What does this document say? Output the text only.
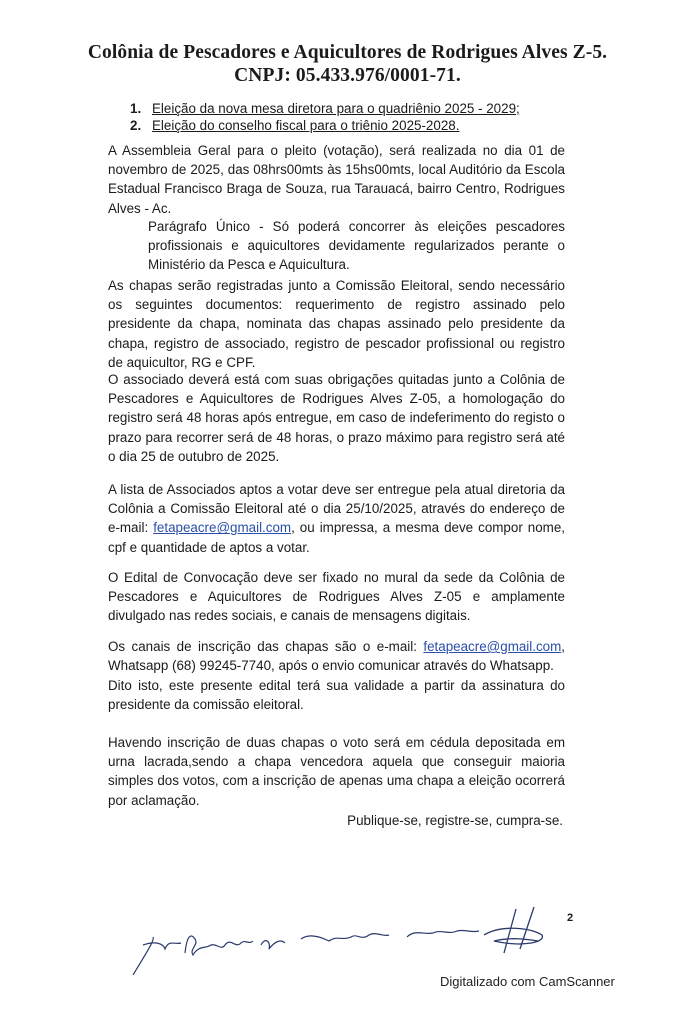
Colônia de Pescadores e Aquicultores de Rodrigues Alves Z-5.
CNPJ: 05.433.976/0001-71.
1. Eleição da nova mesa diretora para o quadriênio 2025 - 2029;
2. Eleição do conselho fiscal para o triênio 2025-2028.

A Assembleia Geral para o pleito (votação), será realizada no dia 01 de novembro de 2025, das 08hrs00mts às 15hs00mts, local Auditório da Escola Estadual Francisco Braga de Souza, rua Tarauacá, bairro Centro, Rodrigues Alves - Ac.

Parágrafo Único - Só poderá concorrer às eleições pescadores profissionais e aquicultores devidamente regularizados perante o Ministério da Pesca e Aquicultura.

As chapas serão registradas junto a Comissão Eleitoral, sendo necessário os seguintes documentos: requerimento de registro assinado pelo presidente da chapa, nominata das chapas assinado pelo presidente da chapa, registro de associado, registro de pescador profissional ou registro de aquicultor, RG e CPF.

O associado deverá está com suas obrigações quitadas junto a Colônia de Pescadores e Aquicultores de Rodrigues Alves Z-05, a homologação do registro será 48 horas após entregue, em caso de indeferimento do registo o prazo para recorrer será de 48 horas, o prazo máximo para registro será até o dia 25 de outubro de 2025.

A lista de Associados aptos a votar deve ser entregue pela atual diretoria da Colônia a Comissão Eleitoral até o dia 25/10/2025, através do endereço de e-mail: fetapeacre@gmail.com, ou impressa, a mesma deve compor nome, cpf e quantidade de aptos a votar.

O Edital de Convocação deve ser fixado no mural da sede da Colônia de Pescadores e Aquicultores de Rodrigues Alves Z-05 e amplamente divulgado nas redes sociais, e canais de mensagens digitais.

Os canais de inscrição das chapas são o e-mail: fetapeacre@gmail.com, Whatsapp (68) 99245-7740, após o envio comunicar através do Whatsapp.

Dito isto, este presente edital terá sua validade a partir da assinatura do presidente da comissão eleitoral.

Havendo inscrição de duas chapas o voto será em cédula depositada em urna lacrada,sendo a chapa vencedora aquela que conseguir maioria simples dos votos, com a inscrição de apenas uma chapa a eleição ocorrerá por aclamação.

Publique-se, registre-se, cumpra-se.
2
Digitalizado com CamScanner
